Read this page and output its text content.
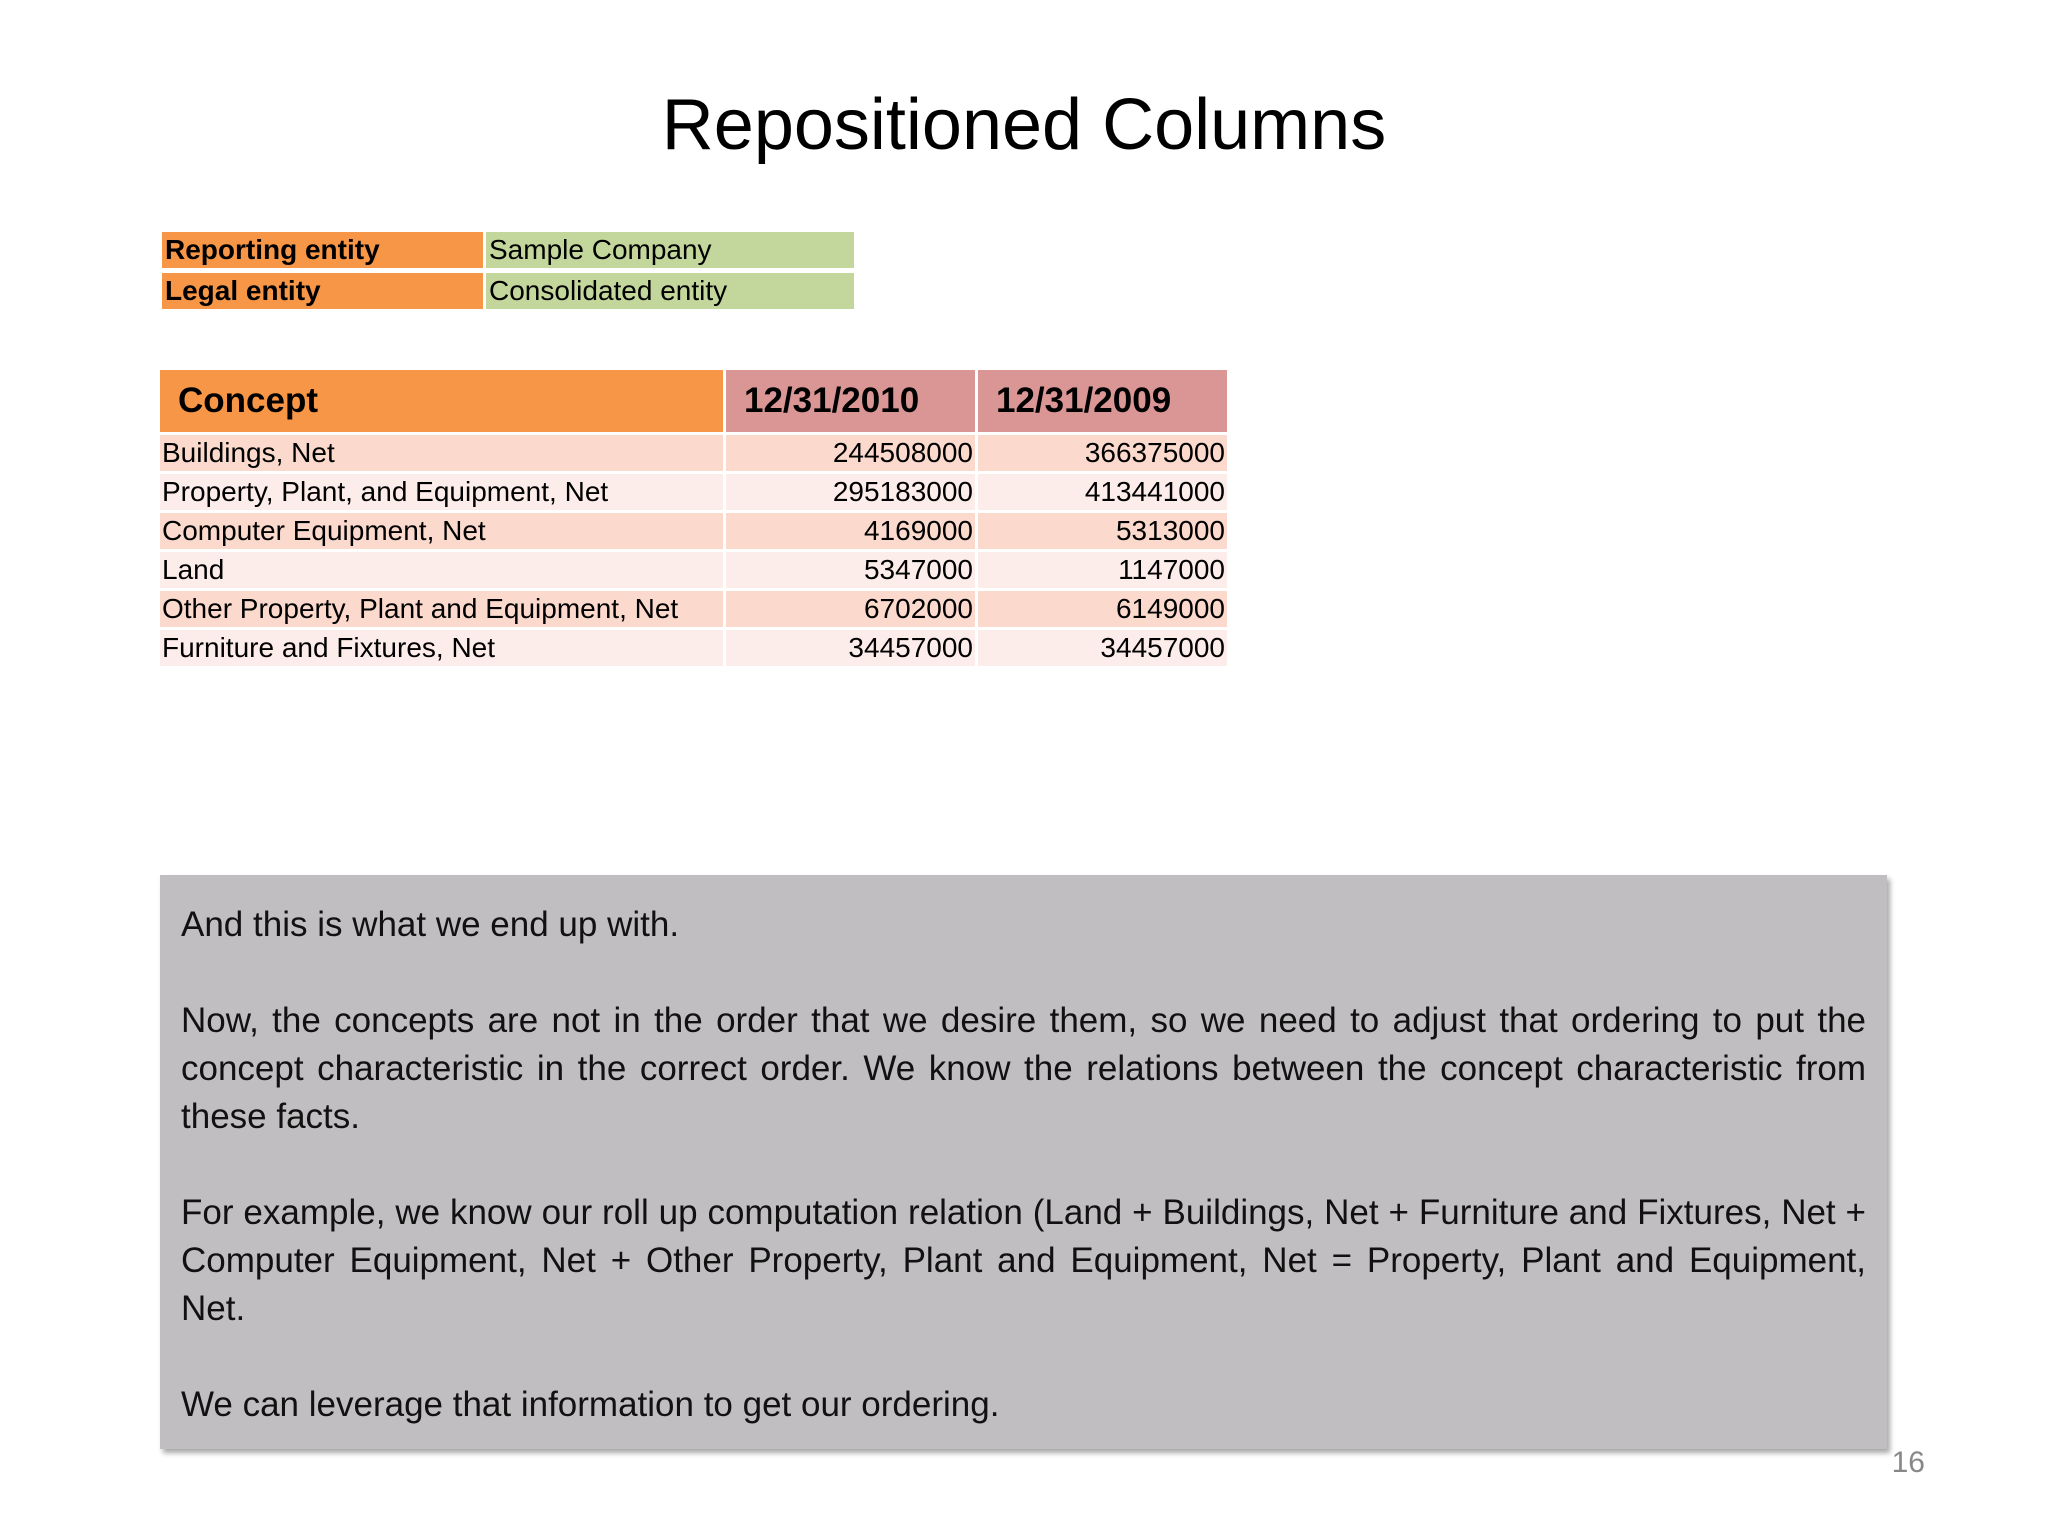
Repositioned Columns
Reporting entity	Sample Company
Legal entity	Consolidated entity
Concept	12/31/2010	12/31/2009
Buildings, Net	244508000	366375000
Property, Plant, and Equipment, Net	295183000	413441000
Computer Equipment, Net	4169000	5313000
Land	5347000	1147000
Other Property, Plant and Equipment, Net	6702000	6149000
Furniture and Fixtures, Net	34457000	34457000

And this is what we end up with.

Now, the concepts are not in the order that we desire them, so we need to adjust that ordering to put the concept characteristic in the correct order. We know the relations between the concept characteristic from these facts.

For example, we know our roll up computation relation (Land + Buildings, Net + Furniture and Fixtures, Net + Computer Equipment, Net + Other Property, Plant and Equipment, Net = Property, Plant and Equipment, Net.

We can leverage that information to get our ordering.

16
